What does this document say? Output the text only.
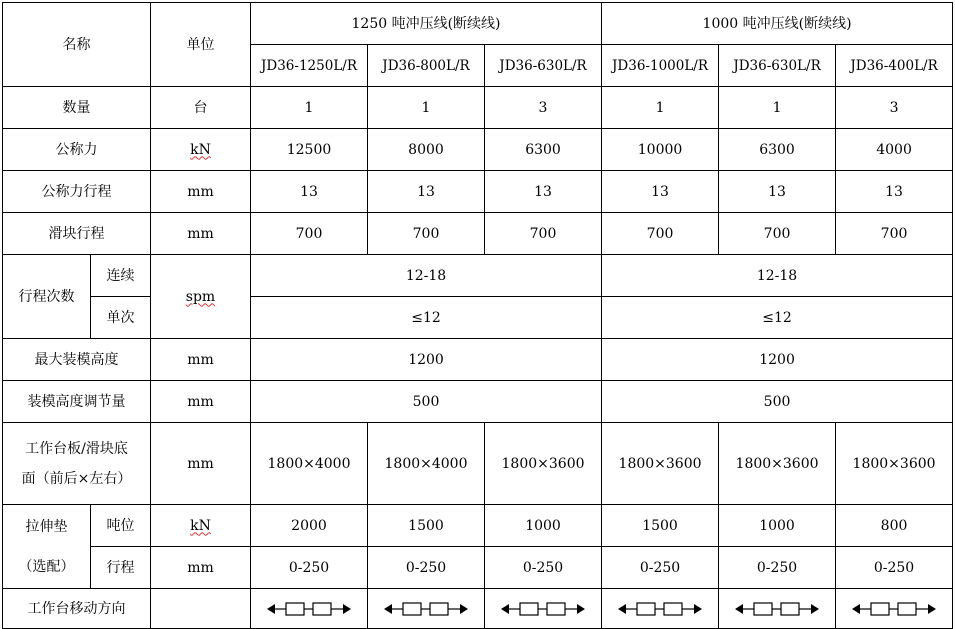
名称		单位	1250 吨冲压线(断续线)			1000 吨冲压线(断续线)		
			JD36-1250L/R	JD36-800L/R	JD36-630L/R	JD36-1000L/R	JD36-630L/R	JD36-400L/R
数量		台	1	1	3	1	1	3
公称力		kN	12500	8000	6300	10000	6300	4000
公称力行程		mm	13	13	13	13	13	13
滑块行程		mm	700	700	700	700	700	700
行程次数	连续	spm	12-18			12-18		
	单次		≤12			≤12		
最大装模高度		mm	1200			1200		
装模高度调节量		mm	500			500		

工作台板/滑块底
面（前后×左右）		mm	1800×4000	1800×4000	1800×3600	1800×3600	1800×3600	1800×3600

拉伸垫
（选配）	吨位	kN	2000	1500	1000	1500	1000	800
	行程	mm	0-250	0-250	0-250	0-250	0-250	0-250
工作台移动方向		
